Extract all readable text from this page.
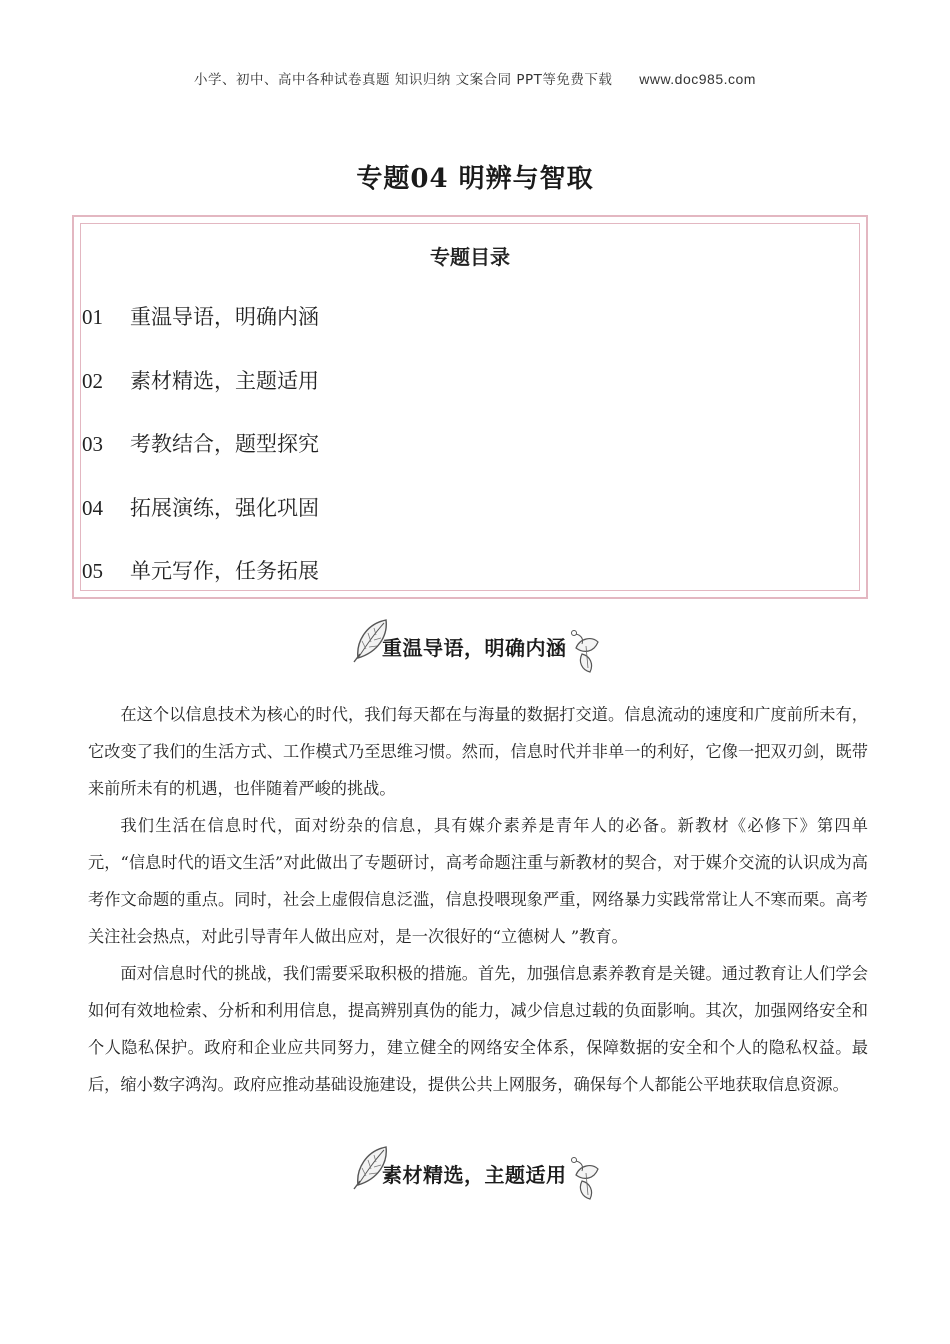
小学、初中、高中各种试卷真题 知识归纳 文案合同 PPT等免费下载 www.doc985.com
专题04 明辨与智取
专题目录
01 重温导语，明确内涵
02 素材精选，主题适用
03 考教结合，题型探究
04 拓展演练，强化巩固
05 单元写作，任务拓展
重温导语，明确内涵

在这个以信息技术为核心的时代，我们每天都在与海量的数据打交道。信息流动的速度和广度前所未有，它改变了我们的生活方式、工作模式乃至思维习惯。然而，信息时代并非单一的利好，它像一把双刃剑，既带来前所未有的机遇，也伴随着严峻的挑战。

我们生活在信息时代，面对纷杂的信息，具有媒介素养是青年人的必备。新教材《必修下》第四单元，“信息时代的语文生活”对此做出了专题研讨，高考命题注重与新教材的契合，对于媒介交流的认识成为高考作文命题的重点。同时，社会上虚假信息泛滥，信息投喂现象严重，网络暴力实践常常让人不寒而栗。高考关注社会热点，对此引导青年人做出应对，是一次很好的“立德树人 ”教育。

面对信息时代的挑战，我们需要采取积极的措施。首先，加强信息素养教育是关键。通过教育让人们学会如何有效地检索、分析和利用信息，提高辨别真伪的能力，减少信息过载的负面影响。其次，加强网络安全和个人隐私保护。政府和企业应共同努力，建立健全的网络安全体系，保障数据的安全和个人的隐私权益。最后，缩小数字鸿沟。政府应推动基础设施建设，提供公共上网服务，确保每个人都能公平地获取信息资源。

素材精选，主题适用
